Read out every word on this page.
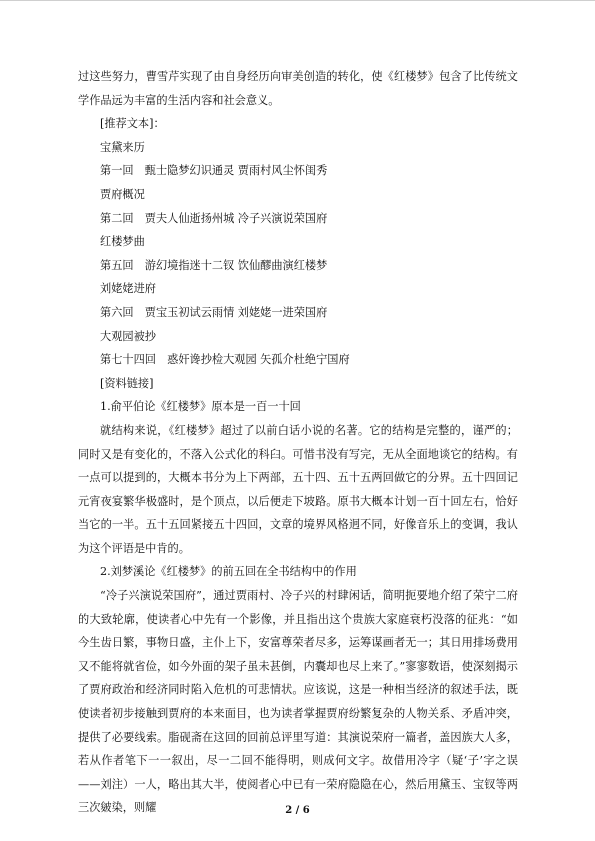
过这些努力，曹雪芹实现了由自身经历向审美创造的转化，使《红楼梦》包含了比传统文学作品远为丰富的生活内容和社会意义。

[推荐文本]：

宝黛来历

第一回　甄士隐梦幻识通灵 贾雨村风尘怀闺秀

贾府概况

第二回　贾夫人仙逝扬州城 冷子兴演说荣国府

红楼梦曲

第五回　游幻境指迷十二钗 饮仙醪曲演红楼梦

刘姥姥进府

第六回　贾宝玉初试云雨情 刘姥姥一进荣国府

大观园被抄

第七十四回　惑奸谗抄检大观园 矢孤介杜绝宁国府

[资料链接]

1.俞平伯论《红楼梦》原本是一百一十回

就结构来说，《红楼梦》超过了以前白话小说的名著。它的结构是完整的，谨严的；同时又是有变化的，不落入公式化的科臼。可惜书没有写完，无从全面地谈它的结构。有一点可以提到的，大概本书分为上下两部，五十四、五十五两回做它的分界。五十四回记元宵夜宴繁华极盛时，是个顶点，以后便走下坡路。原书大概本计划一百十回左右，恰好当它的一半。五十五回紧接五十四回，文章的境界风格迥不同，好像音乐上的变调，我认为这个评语是中肯的。

2.刘梦溪论《红楼梦》的前五回在全书结构中的作用

“冷子兴演说荣国府”，通过贾雨村、冷子兴的村肆闲话，简明扼要地介绍了荣宁二府的大致轮廓，使读者心中先有一个影像，并且指出这个贵族大家庭衰朽没落的征兆：“如今生齿日繁，事物日盛，主仆上下，安富尊荣者尽多，运筹谋画者无一；其日用排场费用又不能将就省俭，如今外面的架子虽未甚倒，内囊却也尽上来了。”寥寥数语，使深刻揭示了贾府政治和经济同时陷入危机的可悲情状。应该说，这是一种相当经济的叙述手法，既使读者初步接触到贾府的本来面目，也为读者掌握贾府纷繁复杂的人物关系、矛盾冲突，提供了必要线索。脂砚斋在这回的回前总评里写道：其演说荣府一篇者，盖因族大人多，若从作者笔下一一叙出，尽一二回不能得明，则成何文字。故借用冷字（疑‘子’字之误——刘注）一人，略出其大半，使阅者心中已有一荣府隐隐在心，然后用黛玉、宝钗等两三次皴染，则耀	2 / 6
